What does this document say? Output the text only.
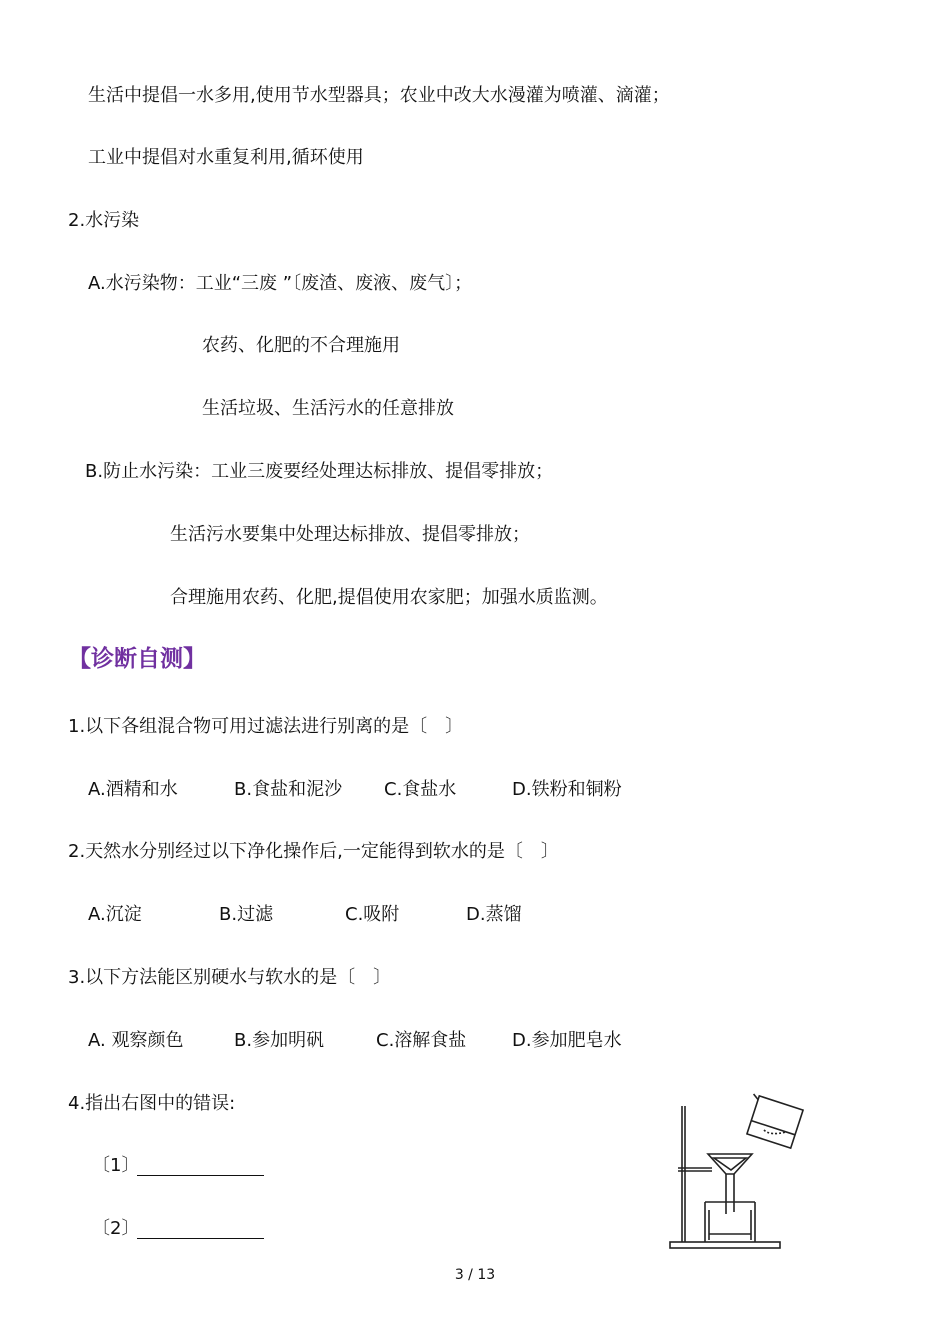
生活中提倡一水多用,使用节水型器具；农业中改大水漫灌为喷灌、滴灌；
工业中提倡对水重复利用,循环使用
2.水污染
A.水污染物：工业“三废 ”〔废渣、废液、废气〕；
农药、化肥的不合理施用
生活垃圾、生活污水的任意排放
B.防止水污染：工业三废要经处理达标排放、提倡零排放；
生活污水要集中处理达标排放、提倡零排放；
合理施用农药、化肥,提倡使用农家肥；加强水质监测。
【诊断自测】
1.以下各组混合物可用过滤法进行别离的是〔　〕
A.酒精和水	B.食盐和泥沙 C.食盐水	D.铁粉和铜粉
2.天然水分别经过以下净化操作后,一定能得到软水的是〔　〕
A.沉淀	B.过滤	C.吸附	D.蒸馏
3.以下方法能区别硬水与软水的是〔　〕
A. 观察颜色	B.参加明矾	C.溶解食盐	D.参加肥皂水
4.指出右图中的错误:
〔1〕
〔2〕
3 / 13
